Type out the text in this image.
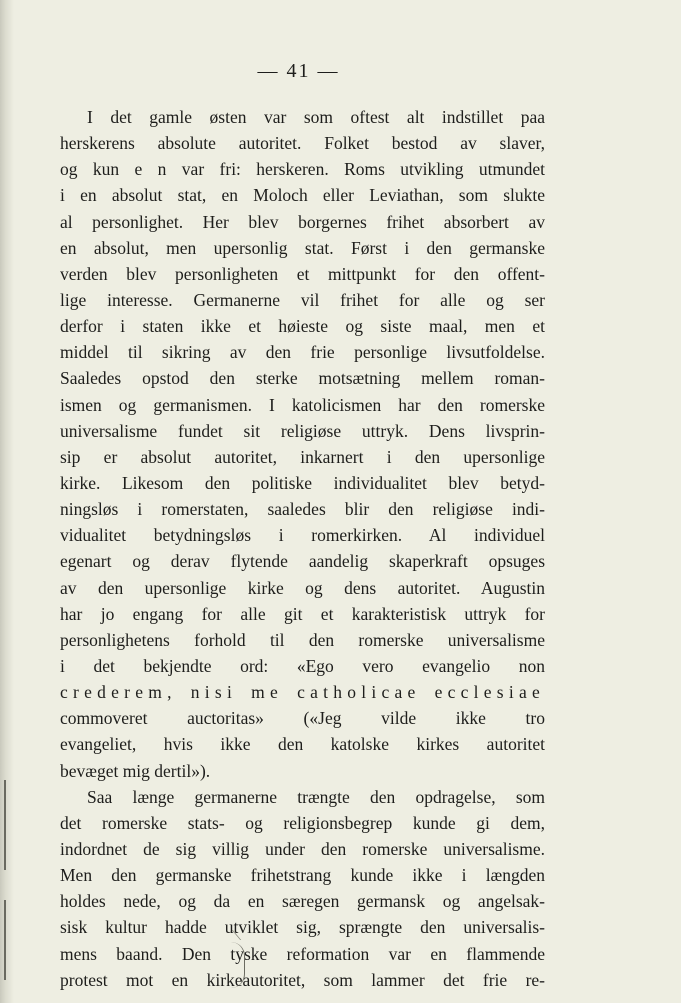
— 41 —
I det gamle østen var som oftest alt indstillet paa
herskerens absolute autoritet. Folket bestod av slaver,
og kun e n var fri: herskeren. Roms utvikling utmundet
i en absolut stat, en Moloch eller Leviathan, som slukte
al personlighet. Her blev borgernes frihet absorbert av
en absolut, men upersonlig stat. Først i den germanske
verden blev personligheten et mittpunkt for den offent-
lige interesse. Germanerne vil frihet for alle og ser
derfor i staten ikke et høieste og siste maal, men et
middel til sikring av den frie personlige livsutfoldelse.
Saaledes opstod den sterke motsætning mellem roman-
ismen og germanismen. I katolicismen har den romerske
universalisme fundet sit religiøse uttryk. Dens livsprin-
sip er absolut autoritet, inkarnert i den upersonlige
kirke. Likesom den politiske individualitet blev betyd-
ningsløs i romerstaten, saaledes blir den religiøse indi-
vidualitet betydningsløs i romerkirken. Al individuel
egenart og derav flytende aandelig skaperkraft opsuges
av den upersonlige kirke og dens autoritet. Augustin
har jo engang for alle git et karakteristisk uttryk for
personlighetens forhold til den romerske universalisme
i det bekjendte ord: «Ego vero evangelio non
crederem, nisi me catholicae ecclesiae
commoveret auctoritas» («Jeg vilde ikke tro
evangeliet, hvis ikke den katolske kirkes autoritet
bevæget mig dertil»).
Saa længe germanerne trængte den opdragelse, som
det romerske stats- og religionsbegrep kunde gi dem,
indordnet de sig villig under den romerske universalisme.
Men den germanske frihetstrang kunde ikke i længden
holdes nede, og da en særegen germansk og angelsak-
sisk kultur hadde utviklet sig, sprængte den universalis-
mens baand. Den tyske reformation var en flammende
protest mot en kirkeautoritet, som lammer det frie re-
